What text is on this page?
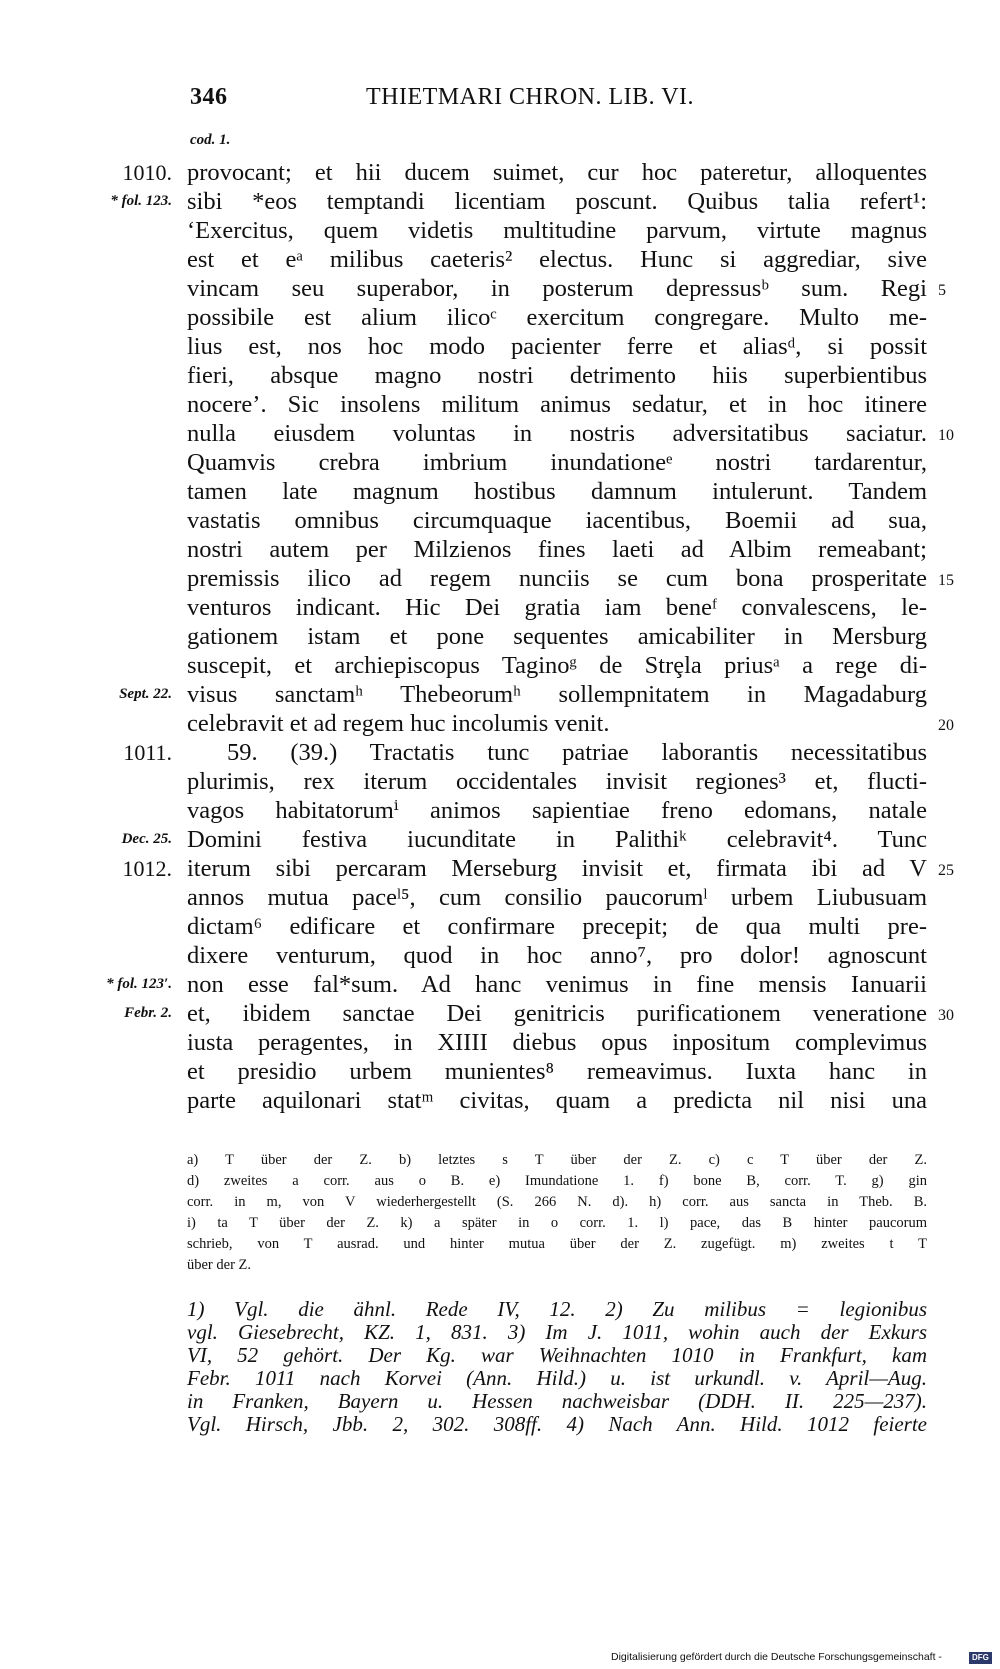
346	THIETMARI CHRON. LIB. VI.
cod. 1.
1010. provocant; et hii ducem suimet, cur hoc pateretur, alloquentes
* fol. 123. sibi *eos temptandi licentiam poscunt. Quibus talia refert¹:
‘Exercitus, quem videtis multitudine parvum, virtute magnus
est et eᵃ milibus caeteris² electus. Hunc si aggrediar, sive
vincam seu superabor, in posterum depressusᵇ sum. Regi 5
possibile est alium ilicoᶜ exercitum congregare. Multo me-
lius est, nos hoc modo pacienter ferre et aliasᵈ, si possit
fieri, absque magno nostri detrimento hiis superbientibus
nocere’. Sic insolens militum animus sedatur, et in hoc itinere
nulla eiusdem voluntas in nostris adversitatibus saciatur. 10
Quamvis crebra imbrium inundationeᵉ nostri tardarentur,
tamen late magnum hostibus damnum intulerunt. Tandem
vastatis omnibus circumquaque iacentibus, Boemii ad sua,
nostri autem per Milzienos fines laeti ad Albim remeabant;
premissis ilico ad regem nunciis se cum bona prosperitate 15
venturos indicant. Hic Dei gratia iam beneᶠ convalescens, le-
gationem istam et pone sequentes amicabiliter in Mersburg
suscepit, et archiepiscopus Taginoᵍ de Strȩla priusᵃ a rege di-
Sept. 22. visus sanctamʰ Thebeorumʰ sollempnitatem in Magadaburg
celebravit et ad regem huc incolumis venit.	20
1011.	59. (39.) Tractatis tunc patriae laborantis necessitatibus
plurimis, rex iterum occidentales invisit regiones³ et, flucti-
vagos habitatorumⁱ animos sapientiae freno edomans, natale
Dec. 25. Domini festiva iucunditate in Palithiᵏ celebravit⁴. Tunc
1012. iterum sibi percaram Merseburg invisit et, firmata ibi ad V 25
annos mutua paceˡ⁵, cum consilio paucorumˡ urbem Liubusuam
dictam⁶ edificare et confirmare precepit; de qua multi pre-
dixere venturum, quod in hoc anno⁷, pro dolor! agnoscunt
* fol. 123′. non esse fal*sum. Ad hanc venimus in fine mensis Ianuarii
Febr. 2. et, ibidem sanctae Dei genitricis purificationem veneratione 30
iusta peragentes, in XIIII diebus opus inpositum complevimus
et presidio urbem munientes⁸ remeavimus. Iuxta hanc in
parte aquilonari statᵐ civitas, quam a predicta nil nisi una
a) T über der Z. b) letztes s T über der Z. c) c T über der Z.
d) zweites a corr. aus o B. e) Imundatione 1. f) bone B, corr. T. g) gin
corr. in m, von V wiederhergestellt (S. 266 N. d). h) corr. aus sancta in Theb. B.
i) ta T über der Z. k) a später in o corr. 1. l) pace, das B hinter paucorum
schrieb, von T ausrad. und hinter mutua über der Z. zugefügt. m) zweites t T
über der Z.
1) Vgl. die ähnl. Rede IV, 12. 2) Zu milibus = legionibus
vgl. Giesebrecht, KZ. 1, 831. 3) Im J. 1011, wohin auch der Exkurs
VI, 52 gehört. Der Kg. war Weihnachten 1010 in Frankfurt, kam
Febr. 1011 nach Korvei (Ann. Hild.) u. ist urkundl. v. April—Aug.
in Franken, Bayern u. Hessen nachweisbar (DDH. II. 225—237).
Vgl. Hirsch, Jbb. 2, 302. 308ff. 4) Nach Ann. Hild. 1012 feierte
Digitalisierung gefördert durch die Deutsche Forschungsgemeinschaft -	DFG
